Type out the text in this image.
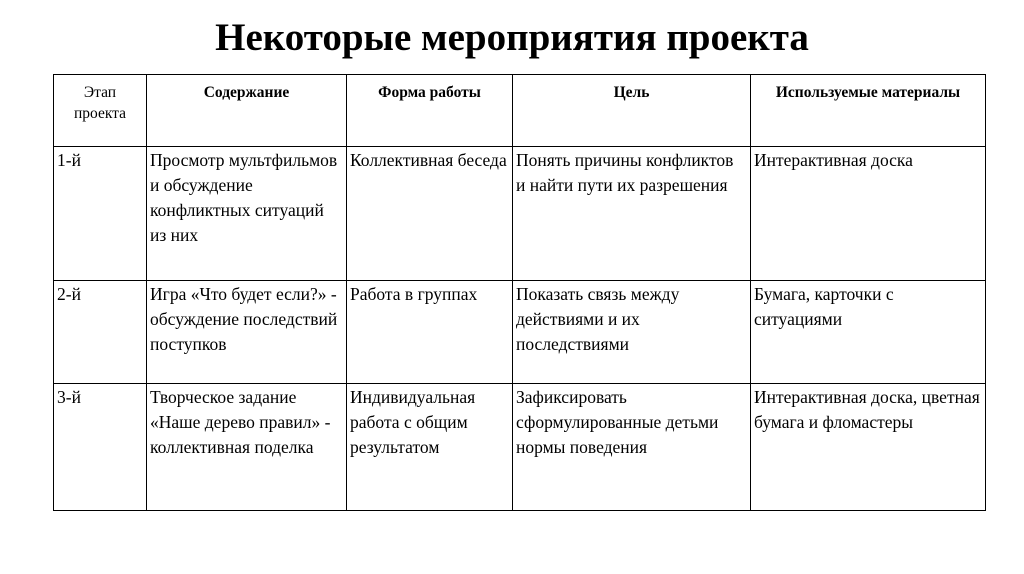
Некоторые мероприятия проекта
Этап проекта	Содержание	Форма работы	Цель	Используемые материалы
1-й	Просмотр мультфильмов и обсуждение конфликтных ситуаций из них	Коллективная беседа	Понять причины конфликтов и найти пути их разрешения	Интерактивная доска
2-й	Игра «Что будет если?» - обсуждение последствий поступков	Работа в группах	Показать связь между действиями и их последствиями	Бумага, карточки с ситуациями
3-й	Творческое задание «Наше дерево правил» - коллективная поделка	Индивидуальная работа с общим результатом	Зафиксировать сформулированные детьми нормы поведения	Интерактивная доска, цветная бумага и фломастеры
